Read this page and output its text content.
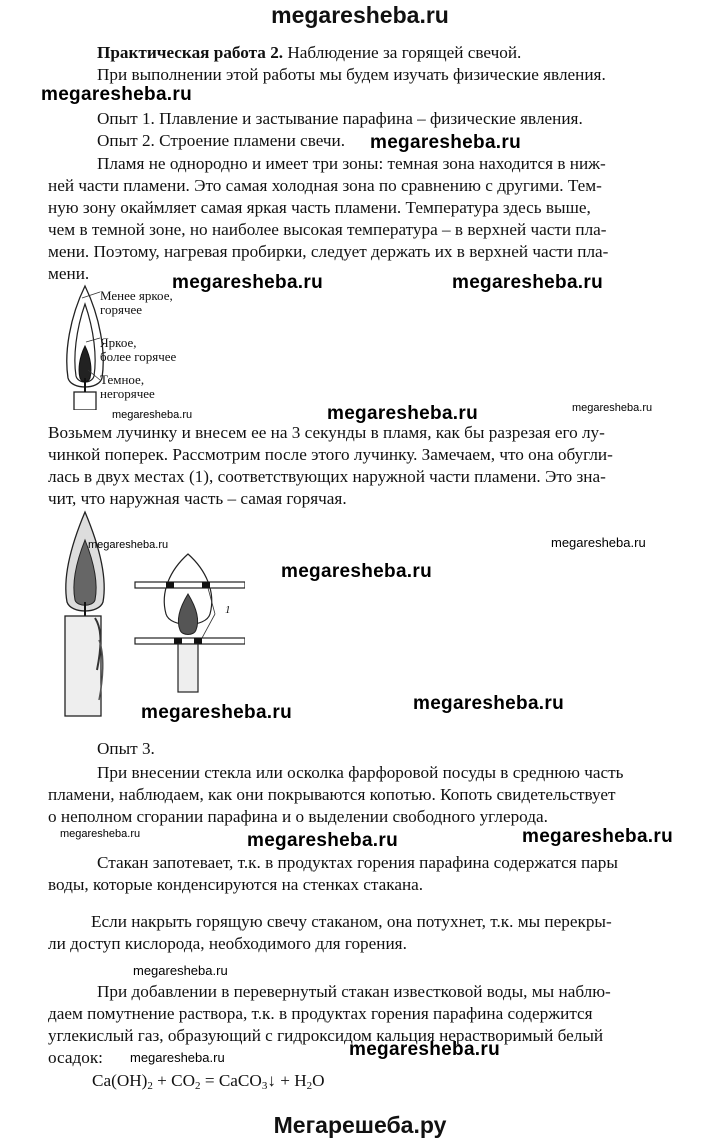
megaresheba.ru
Практическая работа 2. Наблюдение за горящей свечой.
При выполнении этой работы мы будем изучать физические явления.
megaresheba.ru
Опыт 1. Плавление и застывание парафина – физические явления.
Опыт 2. Строение пламени свечи.	megaresheba.ru
Пламя не однородно и имеет три зоны: темная зона находится в ниж-
ней части пламени. Это самая холодная зона по сравнению с другими. Тем-
ную зону окаймляет самая яркая часть пламени. Температура здесь выше,
чем в темной зоне, но наиболее высокая температура – в верхней части пла-
мени. Поэтому, нагревая пробирки, следует держать их в верхней части пла-
мени.	megaresheba.ru	megaresheba.ru
Менее яркое,
горячее
Яркое,
более горячее
Темное,
негорячее
megaresheba.ru	megaresheba.ru	megaresheba.ru
Возьмем лучинку и внесем ее на 3 секунды в пламя, как бы разрезая его лу-
чинкой поперек. Рассмотрим после этого лучинку. Замечаем, что она обугли-
лась в двух местах (1), соответствующих наружной части пламени. Это зна-
чит, что наружная часть – самая горячая.
1
megaresheba.ru	megaresheba.ru
megaresheba.ru
megaresheba.ru
megaresheba.ru
Опыт 3.
При внесении стекла или осколка фарфоровой посуды в среднюю часть
пламени, наблюдаем, как они покрываются копотью. Копоть свидетельствует
о неполном сгорании парафина и о выделении свободного углерода.
megaresheba.ru	megaresheba.ru	megaresheba.ru
Стакан запотевает, т.к. в продуктах горения парафина содержатся пары
воды, которые конденсируются на стенках стакана.
Если накрыть горящую свечу стаканом, она потухнет, т.к. мы перекры-
ли доступ кислорода, необходимого для горения.
megaresheba.ru
При добавлении в перевернутый стакан известковой воды, мы наблю-
даем помутнение раствора, т.к. в продуктах горения парафина содержится
углекислый газ, образующий с гидроксидом кальция нерастворимый белый
осадок:	megaresheba.ru	megaresheba.ru
$Ca(OH)_2 + CO_2$ = CaCO$_3$↓ + $H_2O$
Мегарешеба.ру
